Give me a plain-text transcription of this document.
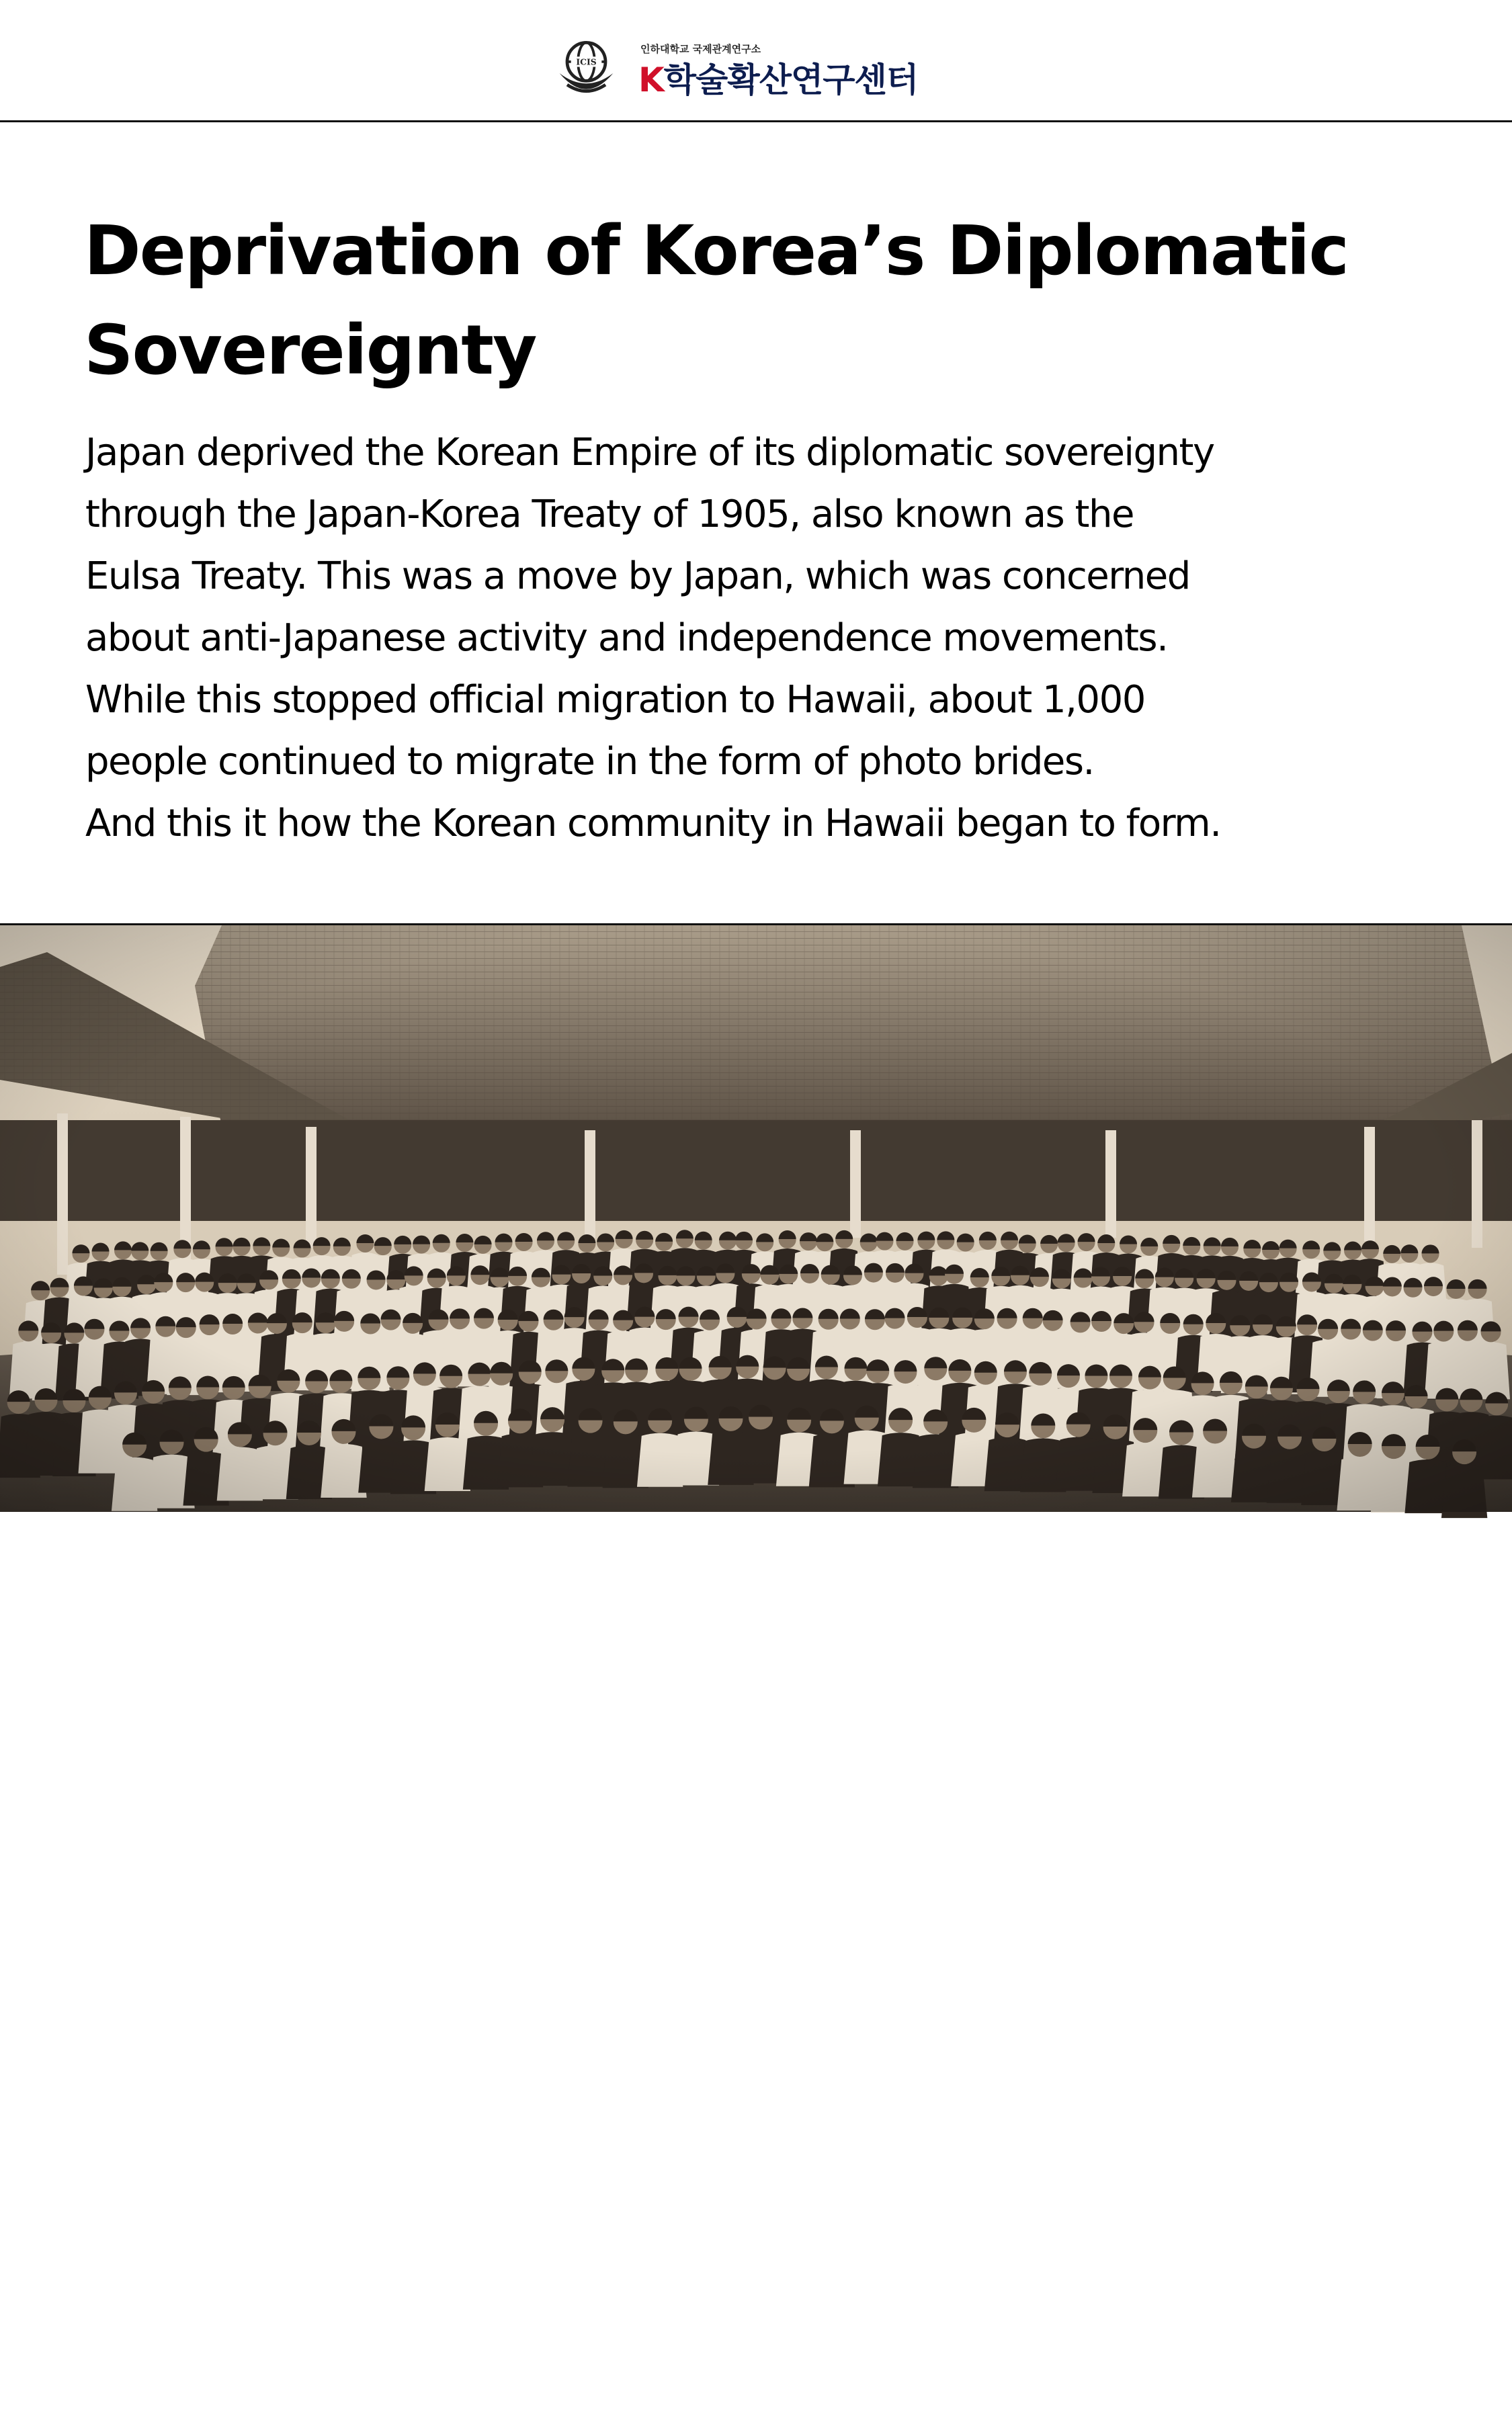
ICIS
인하대학교 국제관계연구소
K학술확산연구센터
Deprivation of Korea’s Diplomatic
Sovereignty
Japan deprived the Korean Empire of its diplomatic sovereignty
through the Japan-Korea Treaty of 1905, also known as the
Eulsa Treaty. This was a move by Japan, which was concerned
about anti-Japanese activity and independence movements.
While this stopped official migration to Hawaii, about 1,000
people continued to migrate in the form of photo brides.
And this it how the Korean community in Hawaii began to form.
reference: https://youtu.be/00BP6cBxFKw?si=Fq-Kg6dOvZcQgdYw
